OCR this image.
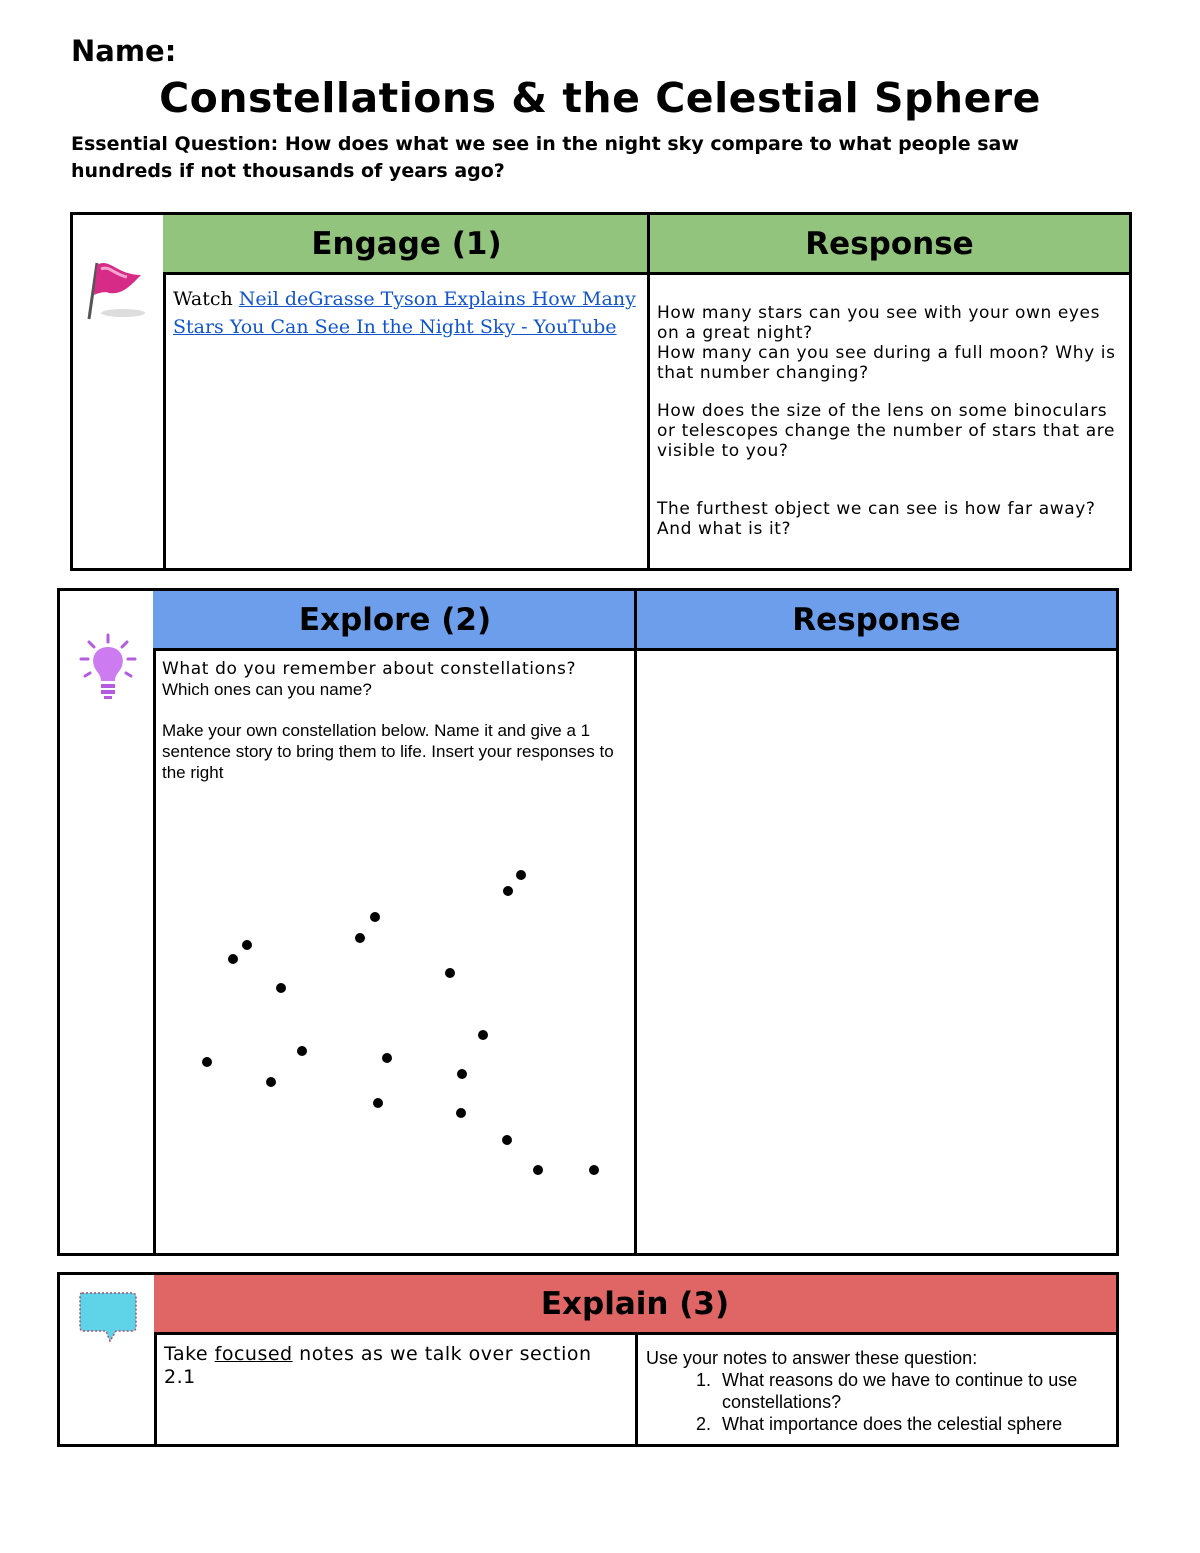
Name:
Constellations & the Celestial Sphere
Essential Question: How does what we see in the night sky compare to what people saw hundreds if not thousands of years ago?
Engage (1)	Response
Watch Neil deGrasse Tyson Explains How Many Stars You Can See In the Night Sky - YouTube
How many stars can you see with your own eyes on a great night?
How many can you see during a full moon? Why is that number changing?
How does the size of the lens on some binoculars or telescopes change the number of stars that are visible to you?
The furthest object we can see is how far away? And what is it?
Explore (2)	Response
What do you remember about constellations?
Which ones can you name?
Make your own constellation below. Name it and give a 1 sentence story to bring them to life. Insert your responses to the right
Explain (3)
Take focused notes as we talk over section 2.1
Use your notes to answer these question:
1. What reasons do we have to continue to use constellations?
2. What importance does the celestial sphere
